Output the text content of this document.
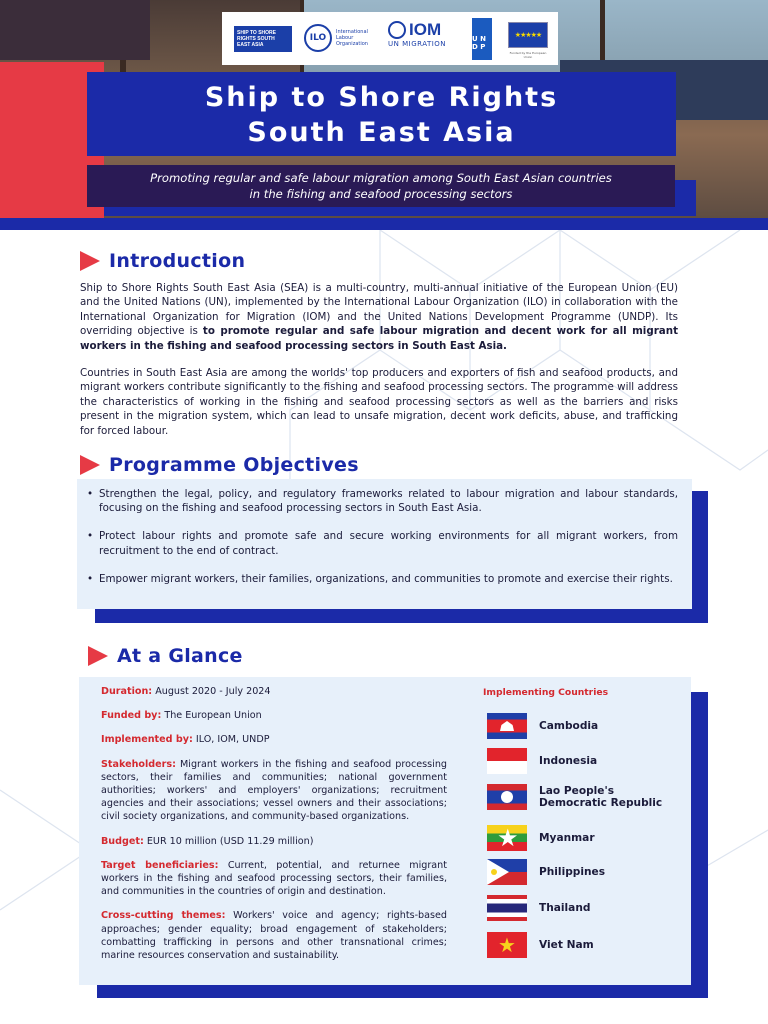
SHIP TO SHORE RIGHTS SOUTH EAST ASIA
ILO
International Labour Organization
IOM
UN MIGRATION
U N D P
★★★★★
Funded by the European Union
Ship to Shore Rights
South East Asia

Promoting regular and safe labour migration among South East Asian countries
in the fishing and seafood processing sectors

Introduction

Ship to Shore Rights South East Asia (SEA) is a multi-country, multi-annual initiative of the European Union (EU) and the United Nations (UN), implemented by the International Labour Organization (ILO) in collaboration with the International Organization for Migration (IOM) and the United Nations Development Programme (UNDP). Its overriding objective is to promote regular and safe labour migration and decent work for all migrant workers in the fishing and seafood processing sectors in South East Asia.

Countries in South East Asia are among the worlds' top producers and exporters of fish and seafood products, and migrant workers contribute significantly to the fishing and seafood processing sectors. The programme will address the characteristics of working in the fishing and seafood processing sectors as well as the barriers and risks present in the migration system, which can lead to unsafe migration, decent work deficits, abuse, and trafficking for forced labour.

Programme Objectives
• Strengthen the legal, policy, and regulatory frameworks related to labour migration and labour standards, focusing on the fishing and seafood processing sectors in South East Asia.
• Protect labour rights and promote safe and secure working environments for all migrant workers, from recruitment to the end of contract.
• Empower migrant workers, their families, organizations, and communities to promote and exercise their rights.
At a Glance

Duration: August 2020 - July 2024

Funded by: The European Union

Implemented by: ILO, IOM, UNDP

Stakeholders: Migrant workers in the fishing and seafood processing sectors, their families and communities; national government authorities; workers' and employers' organizations; recruitment agencies and their associations; vessel owners and their associations; civil society organizations, and community-based organizations.

Budget: EUR 10 million (USD 11.29 million)

Target beneficiaries: Current, potential, and returnee migrant workers in the fishing and seafood processing sectors, their families, and communities in the countries of origin and destination.

Cross-cutting themes: Workers' voice and agency; rights-based approaches; gender equality; broad engagement of stakeholders; combatting trafficking in persons and other transnational crimes; marine resources conservation and sustainability.

Implementing Countries
Cambodia
Indonesia
Lao People's Democratic Republic
★
Myanmar
Philippines
Thailand
★
Viet Nam
